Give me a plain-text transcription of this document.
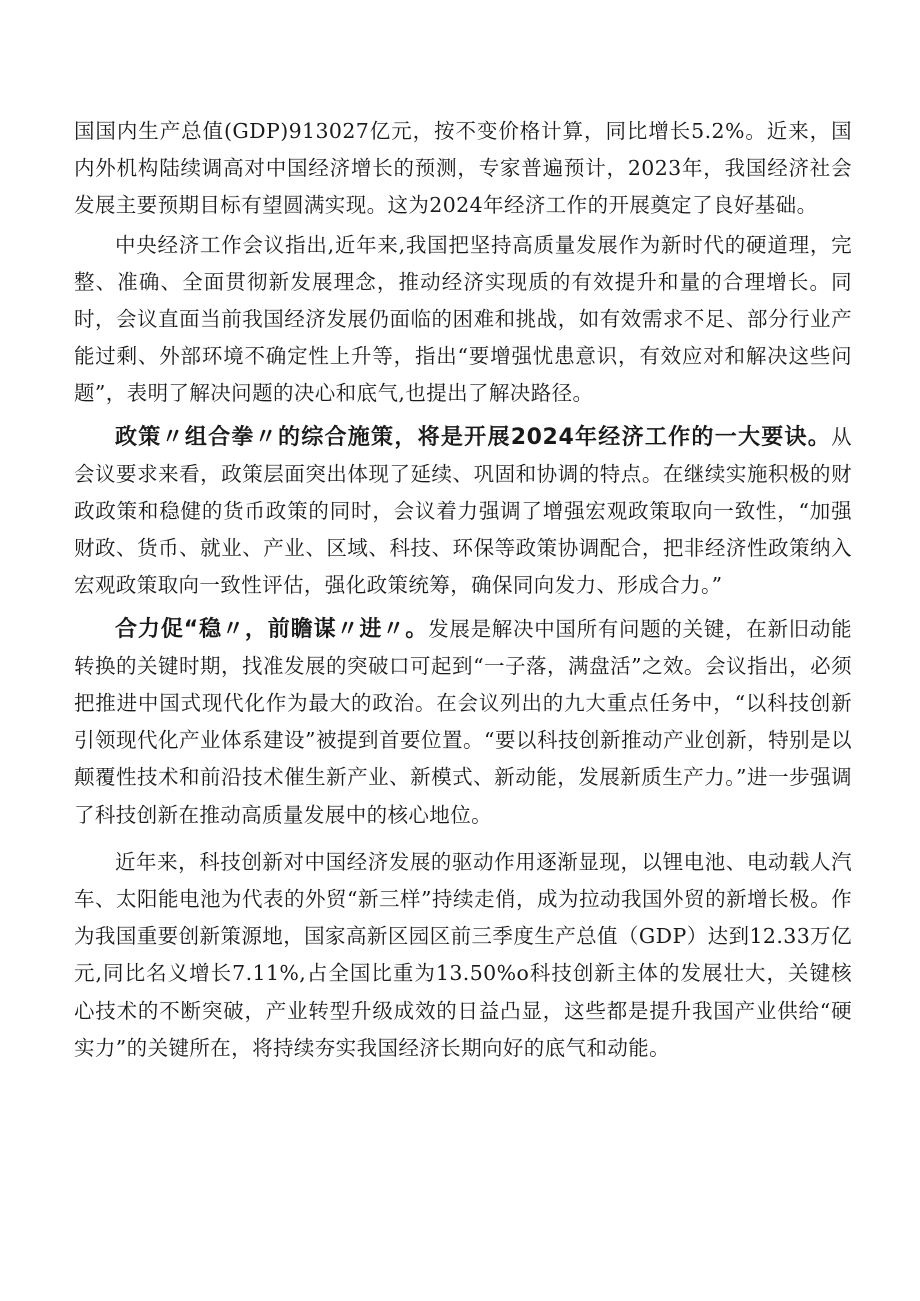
国国内生产总值(GDP)913027亿元，按不变价格计算，同比增长5.2%。近来，国内外机构陆续调高对中国经济增长的预测，专家普遍预计，2023年，我国经济社会发展主要预期目标有望圆满实现。这为2024年经济工作的开展奠定了良好基础。

中央经济工作会议指出,近年来,我国把坚持高质量发展作为新时代的硬道理，完整、准确、全面贯彻新发展理念，推动经济实现质的有效提升和量的合理增长。同时，会议直面当前我国经济发展仍面临的困难和挑战，如有效需求不足、部分行业产能过剩、外部环境不确定性上升等，指出“要增强忧患意识，有效应对和解决这些问题”，表明了解决问题的决心和底气,也提出了解决路径。

政策〃组合拳〃的综合施策，将是开展2024年经济工作的一大要诀。从会议要求来看，政策层面突出体现了延续、巩固和协调的特点。在继续实施积极的财政政策和稳健的货币政策的同时，会议着力强调了增强宏观政策取向一致性，“加强财政、货币、就业、产业、区域、科技、环保等政策协调配合，把非经济性政策纳入宏观政策取向一致性评估，强化政策统筹，确保同向发力、形成合力。”

合力促“稳〃，前瞻谋〃进〃。发展是解决中国所有问题的关键，在新旧动能转换的关键时期，找准发展的突破口可起到“一子落，满盘活”之效。会议指出，必须把推进中国式现代化作为最大的政治。在会议列出的九大重点任务中，“以科技创新引领现代化产业体系建设”被提到首要位置。“要以科技创新推动产业创新，特别是以颠覆性技术和前沿技术催生新产业、新模式、新动能，发展新质生产力。”进一步强调了科技创新在推动高质量发展中的核心地位。

近年来，科技创新对中国经济发展的驱动作用逐渐显现，以锂电池、电动载人汽车、太阳能电池为代表的外贸“新三样”持续走俏，成为拉动我国外贸的新增长极。作为我国重要创新策源地，国家高新区园区前三季度生产总值（GDP）达到12.33万亿元,同比名义增长7.11%,占全国比重为13.50%o科技创新主体的发展壮大，关键核心技术的不断突破，产业转型升级成效的日益凸显，这些都是提升我国产业供给“硬实力”的关键所在，将持续夯实我国经济长期向好的底气和动能。
